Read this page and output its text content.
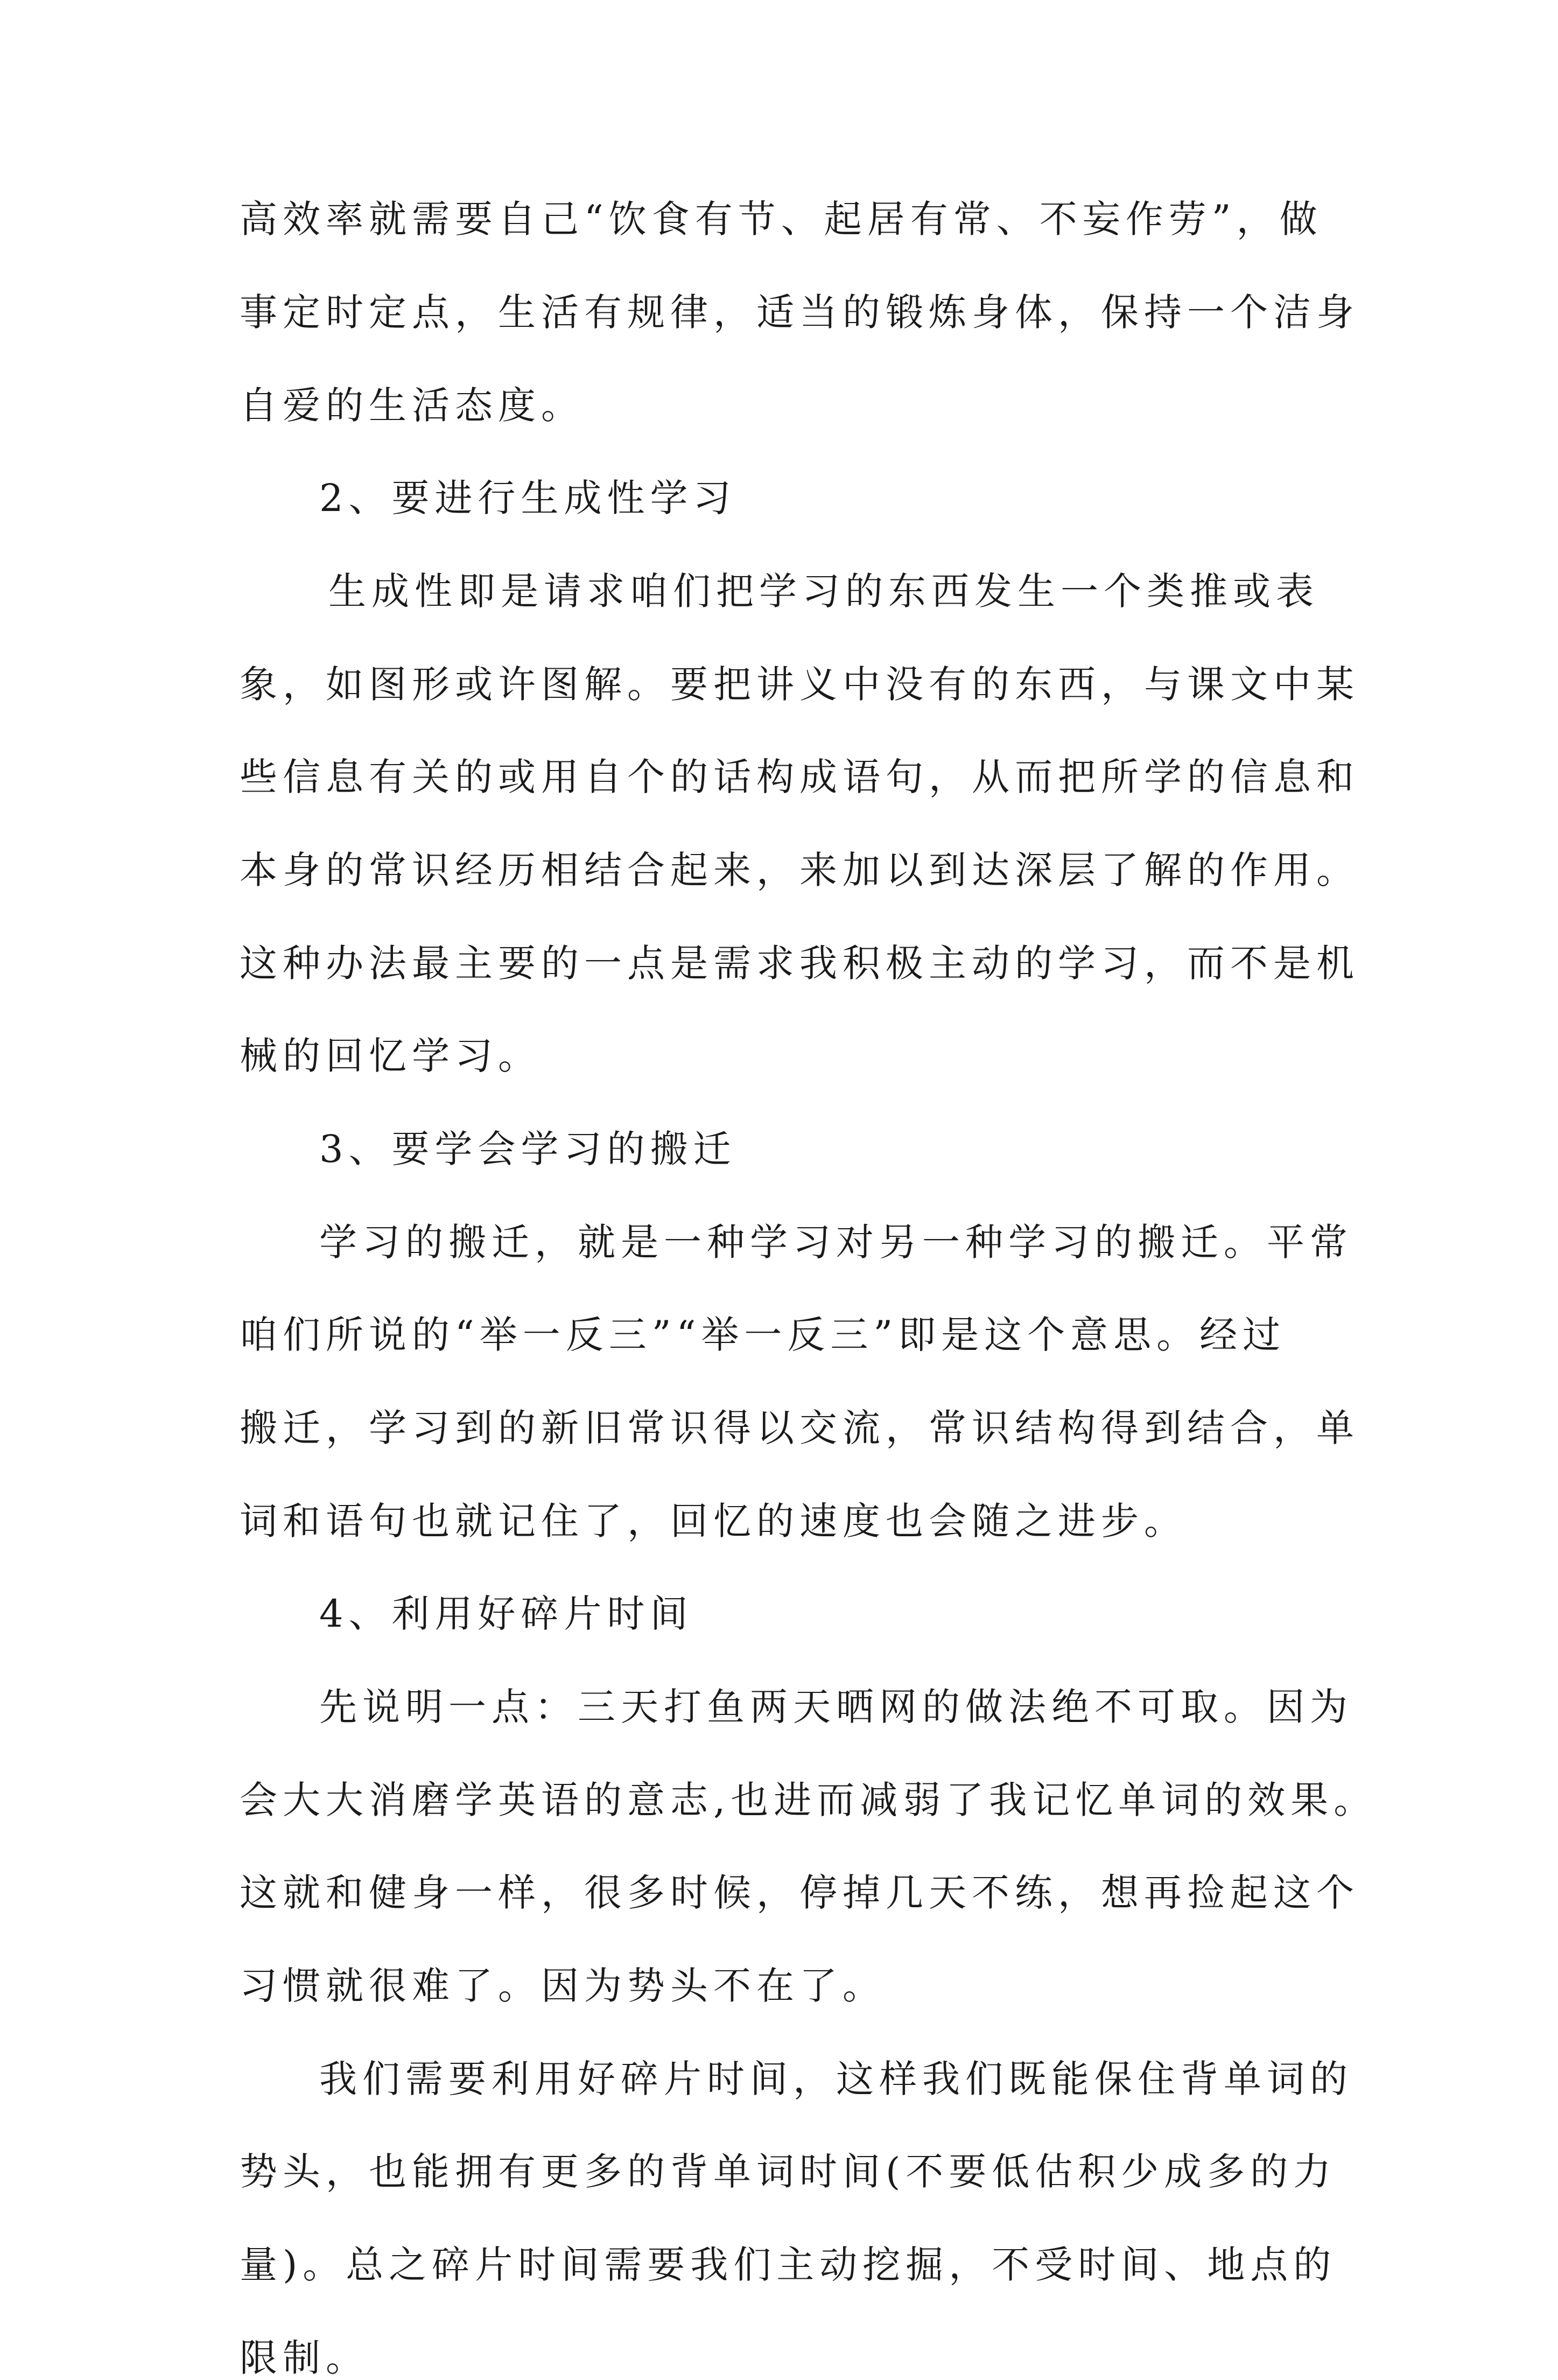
高效率就需要自己“饮食有节、起居有常、不妄作劳”，做
事定时定点，生活有规律，适当的锻炼身体，保持一个洁身
自爱的生活态度。
2、要进行生成性学习
生成性即是请求咱们把学习的东西发生一个类推或表
象，如图形或许图解。要把讲义中没有的东西，与课文中某
些信息有关的或用自个的话构成语句，从而把所学的信息和
本身的常识经历相结合起来，来加以到达深层了解的作用。
这种办法最主要的一点是需求我积极主动的学习，而不是机
械的回忆学习。
3、要学会学习的搬迁
学习的搬迁，就是一种学习对另一种学习的搬迁。平常
咱们所说的“举一反三”“举一反三”即是这个意思。经过
搬迁，学习到的新旧常识得以交流，常识结构得到结合，单
词和语句也就记住了，回忆的速度也会随之进步。
4、利用好碎片时间
先说明一点：三天打鱼两天晒网的做法绝不可取。因为
会大大消磨学英语的意志,也进而减弱了我记忆单词的效果。
这就和健身一样，很多时候，停掉几天不练，想再捡起这个
习惯就很难了。因为势头不在了。
我们需要利用好碎片时间，这样我们既能保住背单词的
势头，也能拥有更多的背单词时间(不要低估积少成多的力
量)。总之碎片时间需要我们主动挖掘，不受时间、地点的
限制。
